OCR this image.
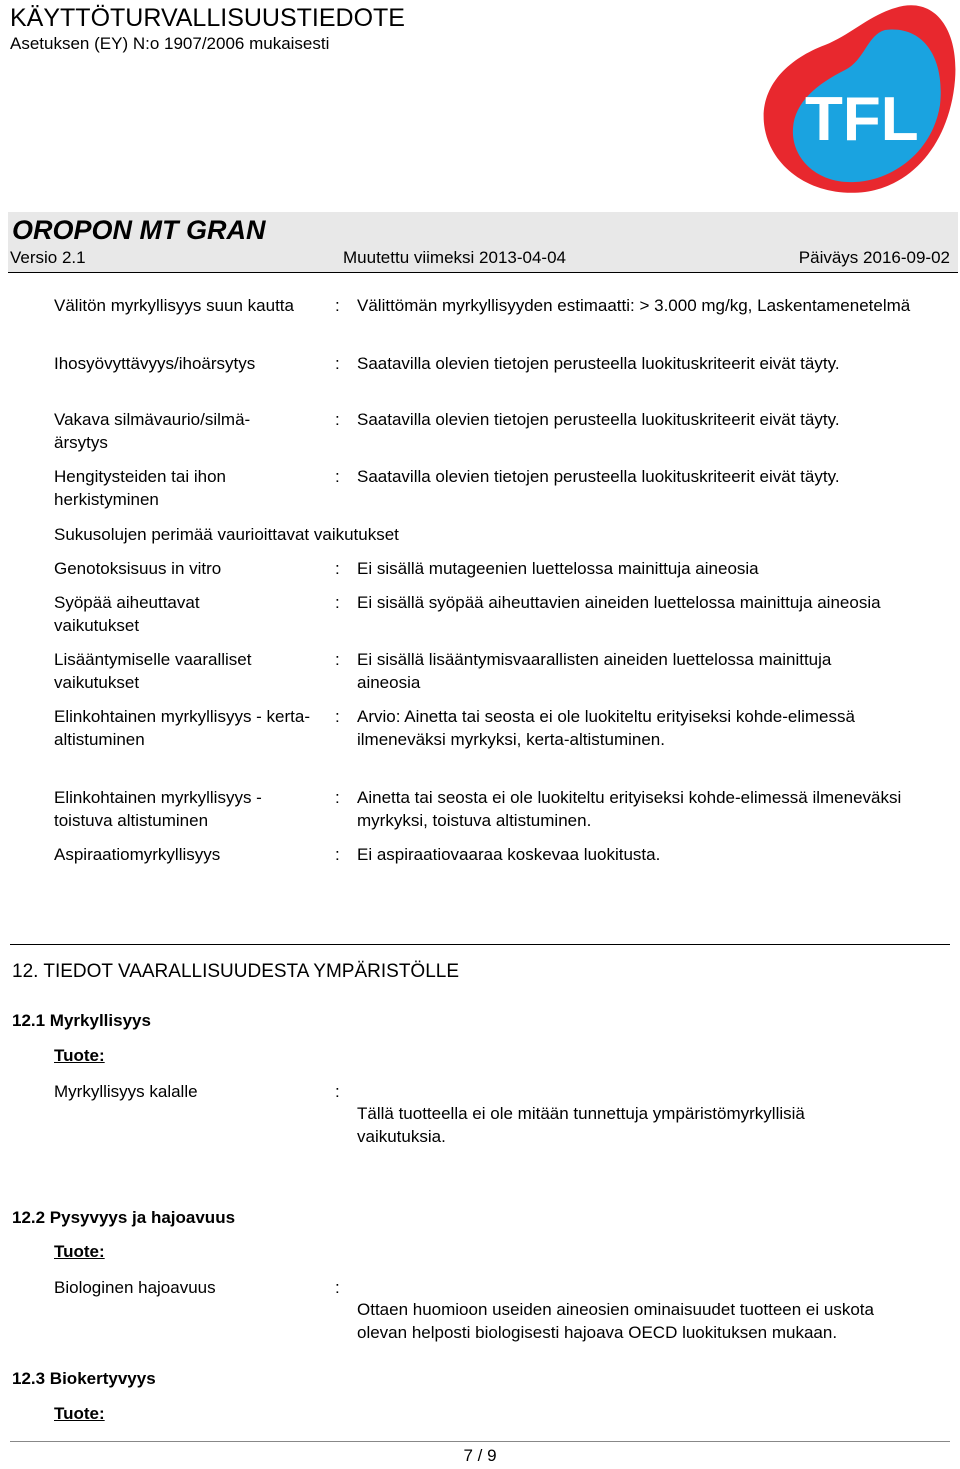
KÄYTTÖTURVALLISUUSTIEDOTE
Asetuksen (EY) N:o 1907/2006 mukaisesti
TFL
OROPON MT GRAN
Versio 2.1	Muutettu viimeksi 2013-04-04	Päiväys 2016-09-02
Välitön myrkyllisyys suun kautta	: Välittömän myrkyllisyyden estimaatti: > 3.000 mg/kg, Laskentamenetelmä
Ihosyövyttävyys/ihoärsytys	: Saatavilla olevien tietojen perusteella luokituskriteerit eivät täyty.
Vakava silmävaurio/silmä-ärsytys
: Saatavilla olevien tietojen perusteella luokituskriteerit eivät täyty.
Hengitysteiden tai ihon herkistyminen
: Saatavilla olevien tietojen perusteella luokituskriteerit eivät täyty.
Sukusolujen perimää vaurioittavat vaikutukset
Genotoksisuus in vitro	: Ei sisällä mutageenien luettelossa mainittuja aineosia
Syöpää aiheuttavat vaikutukset
: Ei sisällä syöpää aiheuttavien aineiden luettelossa mainittuja aineosia
Lisääntymiselle vaaralliset vaikutukset
: Ei sisällä lisääntymisvaarallisten aineiden luettelossa mainittuja aineosia
Elinkohtainen myrkyllisyys - kerta-altistuminen
: Arvio: Ainetta tai seosta ei ole luokiteltu erityiseksi kohde-elimessä ilmeneväksi myrkyksi, kerta-altistuminen.
Elinkohtainen myrkyllisyys - toistuva altistuminen
: Ainetta tai seosta ei ole luokiteltu erityiseksi kohde-elimessä ilmeneväksi myrkyksi, toistuva altistuminen.
Aspiraatiomyrkyllisyys	: Ei aspiraatiovaaraa koskevaa luokitusta.
12. TIEDOT VAARALLISUUDESTA YMPÄRISTÖLLE
12.1 Myrkyllisyys
Tuote:
Myrkyllisyys kalalle	:
Tällä tuotteella ei ole mitään tunnettuja ympäristömyrkyllisiä vaikutuksia.
12.2 Pysyvyys ja hajoavuus
Tuote:
Biologinen hajoavuus	:
Ottaen huomioon useiden aineosien ominaisuudet tuotteen ei uskota olevan helposti biologisesti hajoava OECD luokituksen mukaan.
12.3 Biokertyvyys
Tuote:
7 / 9
